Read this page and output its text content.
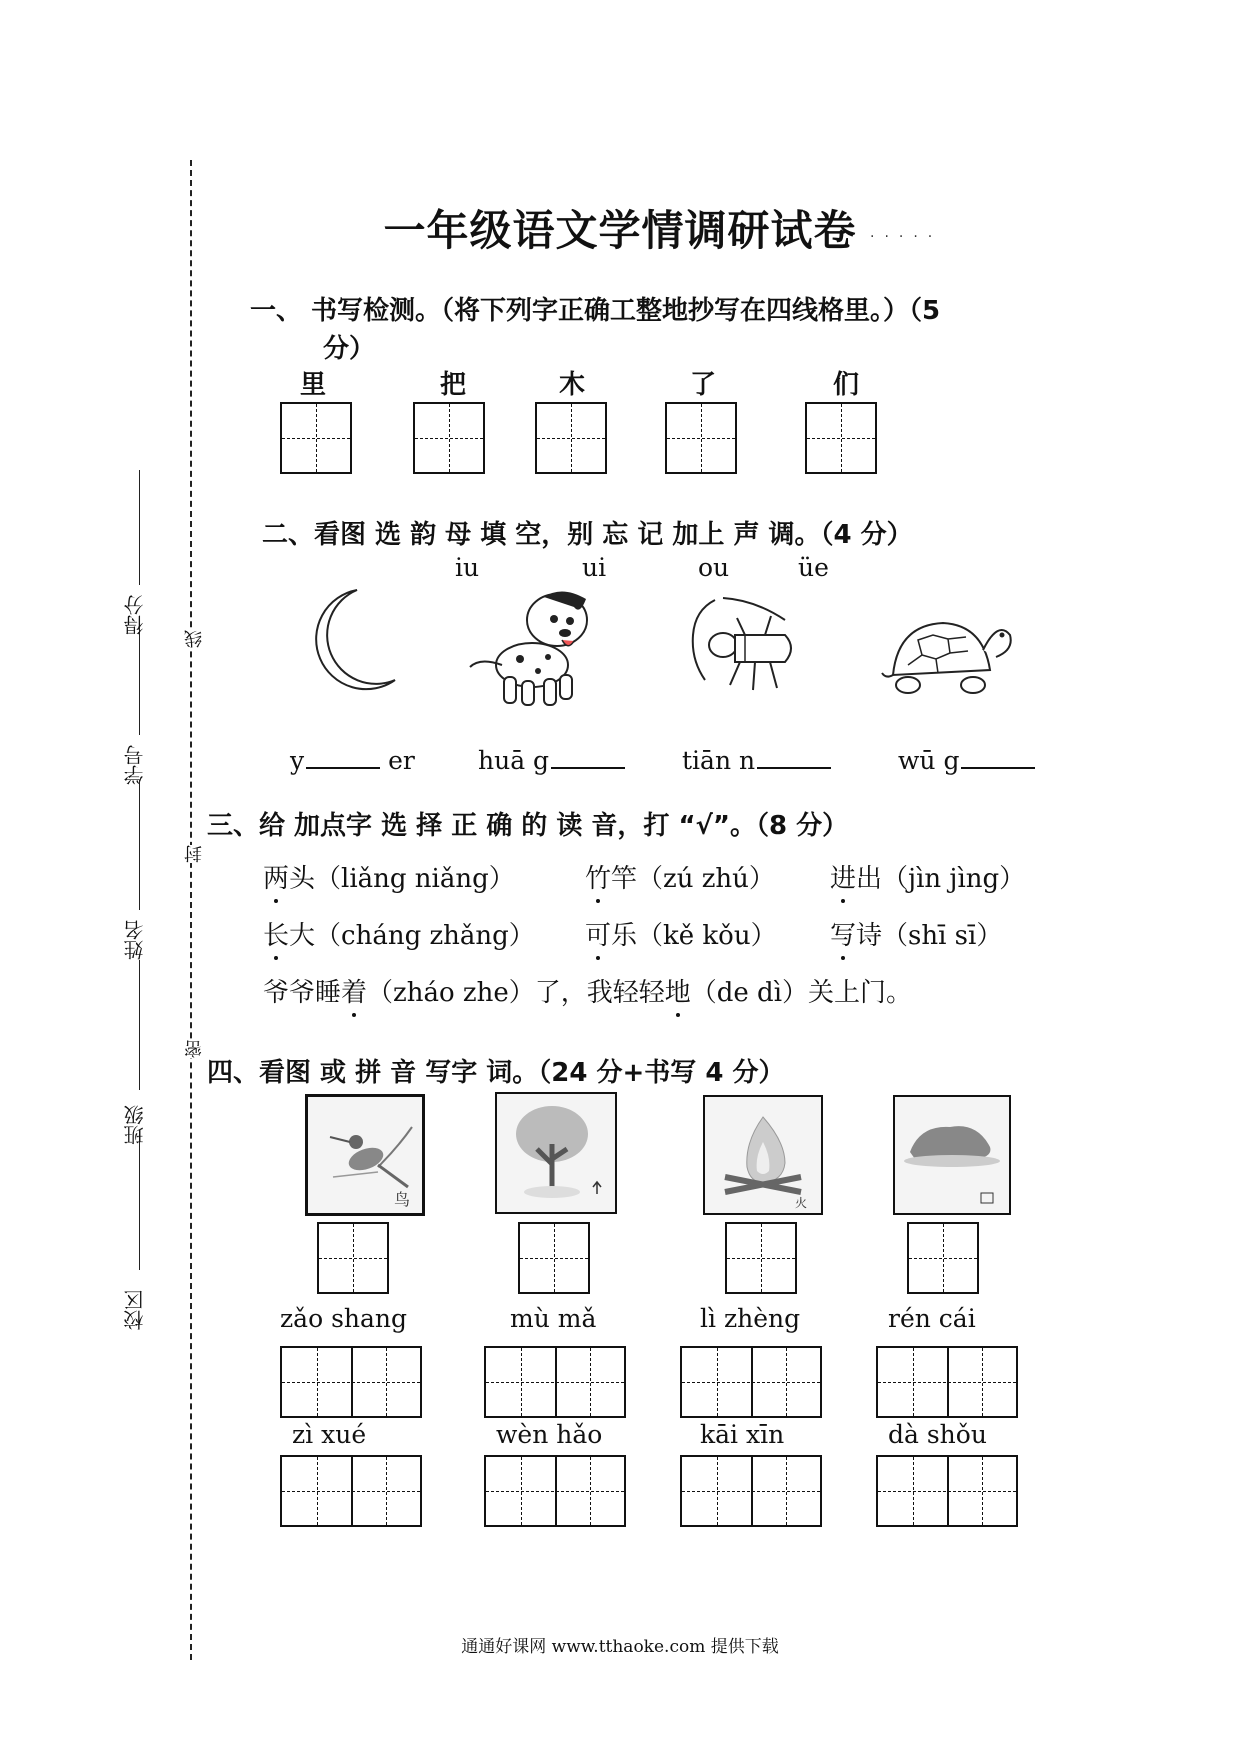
校区
班级
姓名
学号
得分
密
封
线
一年级语文学情调研试卷 .....
一、 书写检测。（将下列字正确工整地抄写在四线格里。）（5
分）
里	把	木	了	们
二、看图 选 韵 母 填 空，别 忘 记 加上 声 调。（4 分）
iu	ui	ou	üe
y	er	huā g	tiān n	wū g
三、给 加点字 选 择 正 确 的 读 音，打 “√”。（8 分）
两头（liǎng niǎng）	竹竿（zú zhú） 进出（jìn jìng）
长大（cháng zhǎng） 可乐（kě kǒu） 写诗（shī sī）
爷爷睡着（zháo zhe）了，我轻轻地（de dì）关上门。
四、看图 或 拼 音 写字 词。（24 分+书写 4 分）
鸟	火
zǎo shang	mù mǎ	lì zhèng	rén cái
zì xué	wèn hǎo	kāi xīn	dà shǒu
通通好课网 www.tthaoke.com 提供下载
